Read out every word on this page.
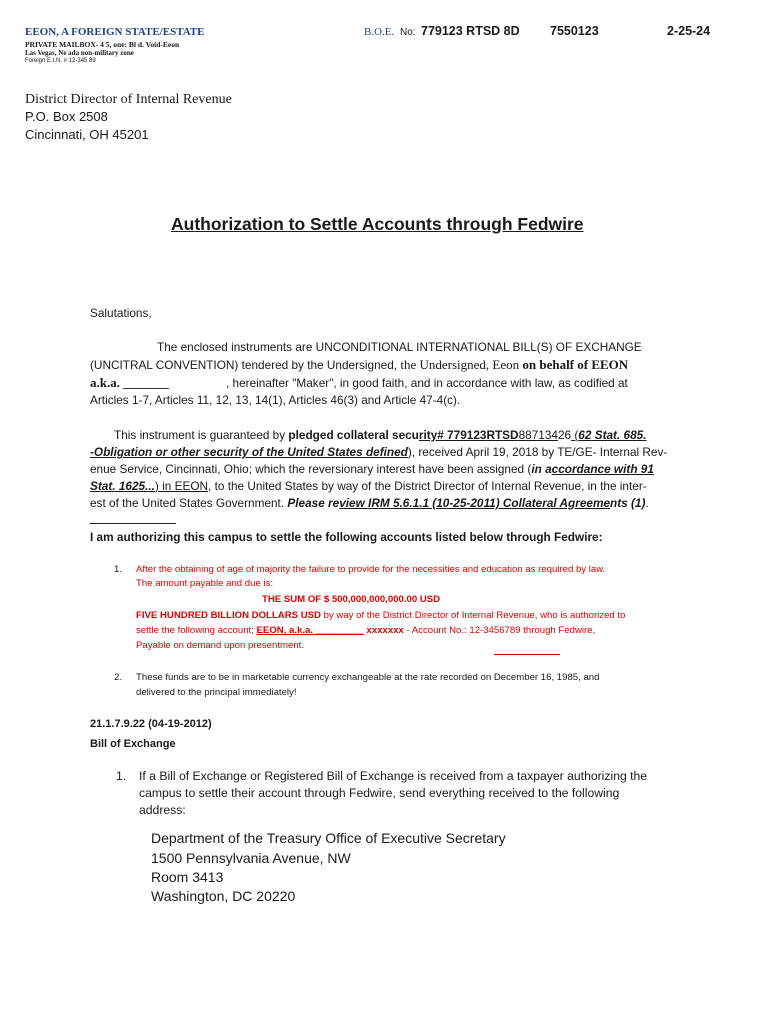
EEON, A FOREIGN STATE/ESTATE
PRIVATE MAILBOX- 4 5, one: Bl d. Void-Eeon
Las Vegas, Ne ada non-military zone
Foreign E.I.N. # 12-345 89
B.O.E. No: 779123 RTSD 8D 7550123	2-25-24
District Director of Internal Revenue
P.O. Box 2508
Cincinnati, OH 45201
Authorization to Settle Accounts through Fedwire
Salutations,
The enclosed instruments are UNCONDITIONAL INTERNATIONAL BILL(S) OF EXCHANGE
(UNCITRAL CONVENTION) tendered by the Undersigned, the Undersigned, Eeon on behalf of EEON
a.k.a. _______	, hereinafter "Maker", in good faith, and in accordance with law, as codified at
Articles 1-7, Articles 11, 12, 13, 14(1), Articles 46(3) and Article 47-4(c).
This instrument is guaranteed by pledged collateral security# 779123RTSD88713426 (62 Stat. 685.
-Obligation or other security of the United States defined), received April 19, 2018 by TE/GE- Internal Rev-
enue Service, Cincinnati, Ohio; which the reversionary interest have been assigned (in accordance with 91
Stat. 1625...) in EEON, to the United States by way of the District Director of Internal Revenue, in the inter-
est of the United States Government. Please review IRM 5.6.1.1 (10-25-2011) Collateral Agreements (1).
I am authorizing this campus to settle the following accounts listed below through Fedwire:
1. After the obtaining of age of majority the failure to provide for the necessities and education as required by law.
The amount payable and due is:
THE SUM OF $ 500,000,000,000.00 USD
FIVE HUNDRED BILLION DOLLARS USD by way of the District Director of Internal Revenue, who is authorized to
settle the following account; EEON, a.k.a. _________ xxxxxxx - Account No.: 12-3456789 through Fedwire,
Payable on demand upon presentment.
2. These funds are to be in marketable currency exchangeable at the rate recorded on December 16, 1985, and
delivered to the principal immediately!
21.1.7.9.22 (04-19-2012)
Bill of Exchange
1. If a Bill of Exchange or Registered Bill of Exchange is received from a taxpayer authorizing the
campus to settle their account through Fedwire, send everything received to the following
address:
Department of the Treasury Office of Executive Secretary
1500 Pennsylvania Avenue, NW
Room 3413
Washington, DC 20220
